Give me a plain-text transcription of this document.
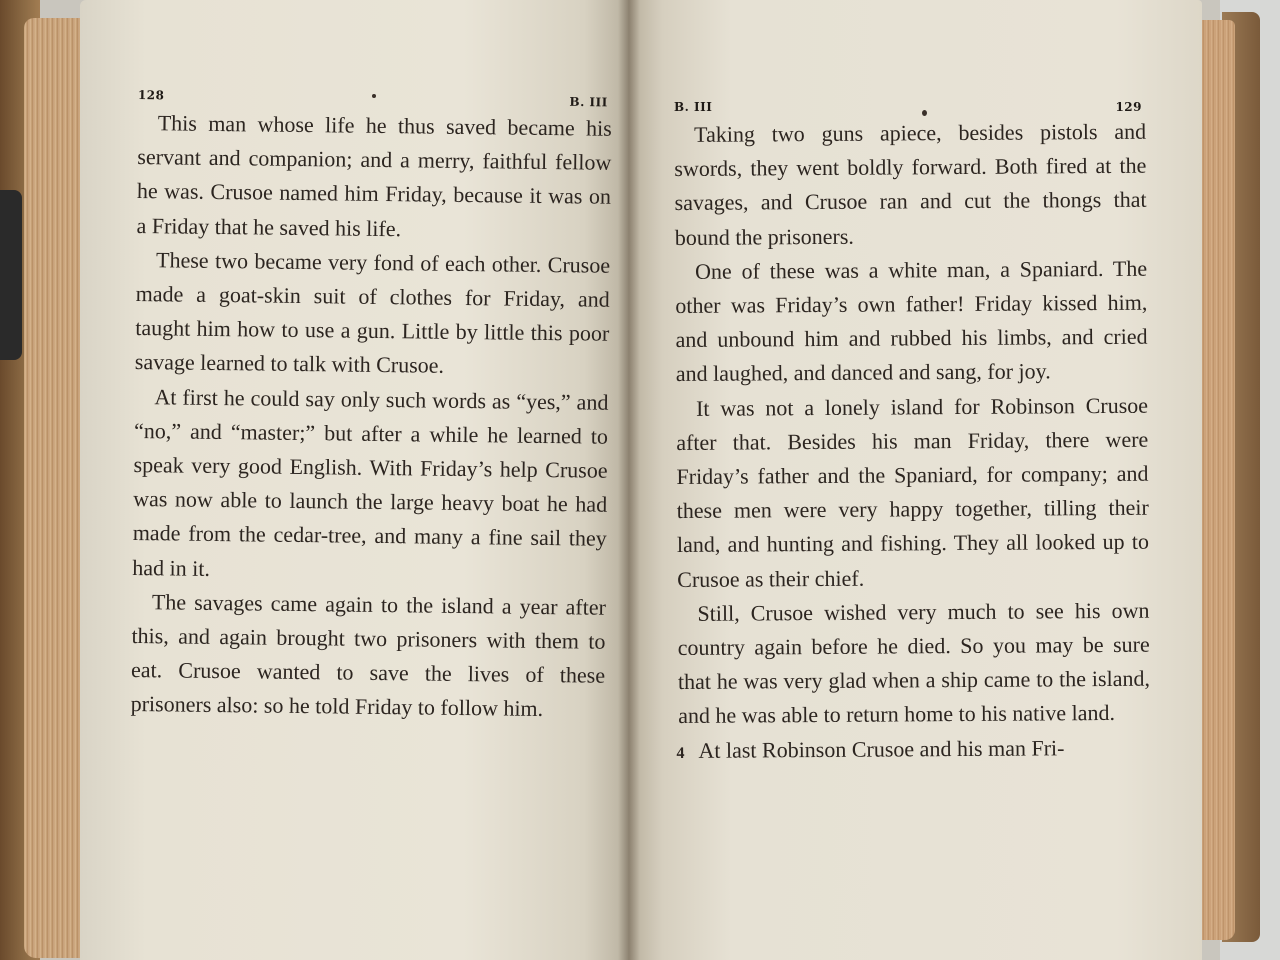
128	B. III

This man whose life he thus saved became his servant and companion; and a merry, faithful fellow he was. Crusoe named him Friday, because it was on a Friday that he saved his life.

These two became very fond of each other. Crusoe made a goat-skin suit of clothes for Friday, and taught him how to use a gun. Little by little this poor savage learned to talk with Crusoe.

At first he could say only such words as “yes,” and “no,” and “master;” but after a while he learned to speak very good English. With Friday’s help Crusoe was now able to launch the large heavy boat he had made from the cedar-tree, and many a fine sail they had in it.

The savages came again to the island a year after this, and again brought two prisoners with them to eat. Crusoe wanted to save the lives of these prisoners also: so he told Friday to follow him.

B. III	129

Taking two guns apiece, besides pistols and swords, they went boldly forward. Both fired at the savages, and Crusoe ran and cut the thongs that bound the prisoners.

One of these was a white man, a Spaniard. The other was Friday’s own father! Friday kissed him, and unbound him and rubbed his limbs, and cried and laughed, and danced and sang, for joy.

It was not a lonely island for Robinson Crusoe after that. Besides his man Friday, there were Friday’s father and the Spaniard, for company; and these men were very happy together, tilling their land, and hunting and fishing. They all looked up to Crusoe as their chief.

Still, Crusoe wished very much to see his own country again before he died. So you may be sure that he was very glad when a ship came to the island, and he was able to return home to his native land.

4 At last Robinson Crusoe and his man Fri-
